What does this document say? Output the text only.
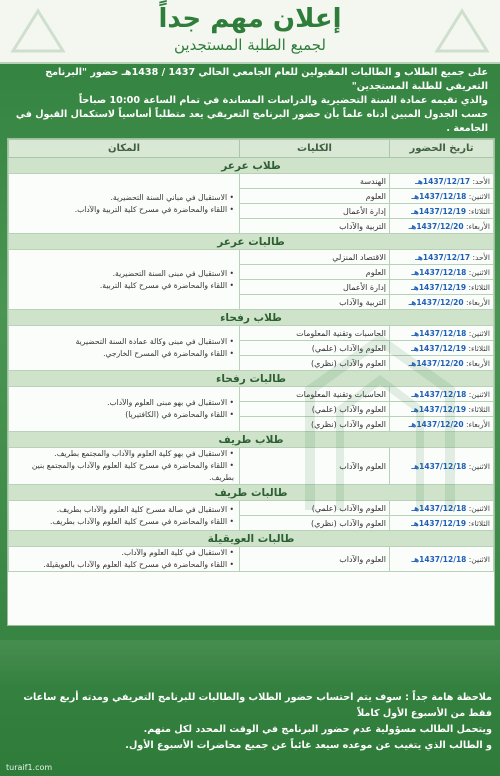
إعلان مهم جداً
لجميع الطلبة المستجدين
على جميع الطلاب و الطالبات المقبولين للعام الجامعي الحالي 1437 / 1438هـ حضور "البرنامج التعريفي للطلبة المستجدين"
والذي تقيمه عمادة السنة التحضيرية والدراسات المساندة في تمام الساعة 10:00 صباحاً
حسب الجدول المبين أدناه علماً بأن حضور البرنامج التعريفي يعد متطلباً أساسياً لاستكمال القبول في الجامعة .
تاريخ الحضور	الكليات	المكان
طلاب عرعر		
الأحد: 1437/12/17هـ	الهندسة	• الاستقبال في مباني السنة التحضيرية.
• اللقاء والمحاضرة في مسرح كلية التربية والآداب.

الاثنين: 1437/12/18هـ	العلوم	
الثلاثاء: 1437/12/19هـ	إدارة الأعمال	
الأربعاء: 1437/12/20هـ	التربية والآداب	
طالبات عرعر		
الأحد: 1437/12/17هـ	الاقتصاد المنزلي	• الاستقبال في مبنى السنة التحضيرية.
• اللقاء والمحاضرة في مسرح كلية التربية.

الاثنين: 1437/12/18هـ	العلوم	
الثلاثاء: 1437/12/19هـ	إدارة الأعمال	
الأربعاء: 1437/12/20هـ	التربية والآداب	
طلاب رفحاء		
الاثنين: 1437/12/18هـ	الحاسبات وتقنية المعلومات	• الاستقبال في مبنى وكالة عمادة السنة التحضيرية
• اللقاء والمحاضرة في المسرح الخارجي.

الثلاثاء: 1437/12/19هـ	العلوم والآداب (علمي)	
الأربعاء: 1437/12/20هـ	العلوم والآداب (نظري)	
طالبات رفحاء		
الاثنين: 1437/12/18هـ	الحاسبات وتقنية المعلومات	• الاستقبال في بهو مبنى العلوم والآداب.
• اللقاء والمحاضرة في (الكافتيريا)

الثلاثاء: 1437/12/19هـ	العلوم والآداب (علمي)	
الأربعاء: 1437/12/20هـ	العلوم والآداب (نظري)	
طلاب طريف		
الاثنين: 1437/12/18هـ	العلوم والآداب	• الاستقبال في بهو كلية العلوم والآداب والمجتمع بطريف.
• اللقاء والمحاضرة في مسرح كلية العلوم والآداب والمجتمع بنين بطريف.

طالبات طريف		
الاثنين: 1437/12/18هـ	العلوم والآداب (علمي)	• الاستقبال في صالة مسرح كلية العلوم والآداب بطريف.
• اللقاء والمحاضرة في مسرح كلية العلوم والآداب بطريف.

الثلاثاء: 1437/12/19هـ	العلوم والآداب (نظري)	
طالبات العويقيلة		
الاثنين: 1437/12/18هـ	العلوم والآداب	• الاستقبال في كلية العلوم والآداب.
• اللقاء والمحاضرة في مسرح كلية العلوم والآداب بالعويقيلة.
ملاحظة هامة جداً : سوف يتم احتساب حضور الطلاب والطالبات للبرنامج التعريفي ومدته أربع ساعات فقط من الأسبوع الأول كاملاً
ويتحمل الطالب مسؤولية عدم حضور البرنامج في الوقت المحدد لكل منهم.
و الطالب الذي يتغيب عن موعده سيعد غائباً عن جميع محاضرات الأسبوع الأول.
turaif1.com
